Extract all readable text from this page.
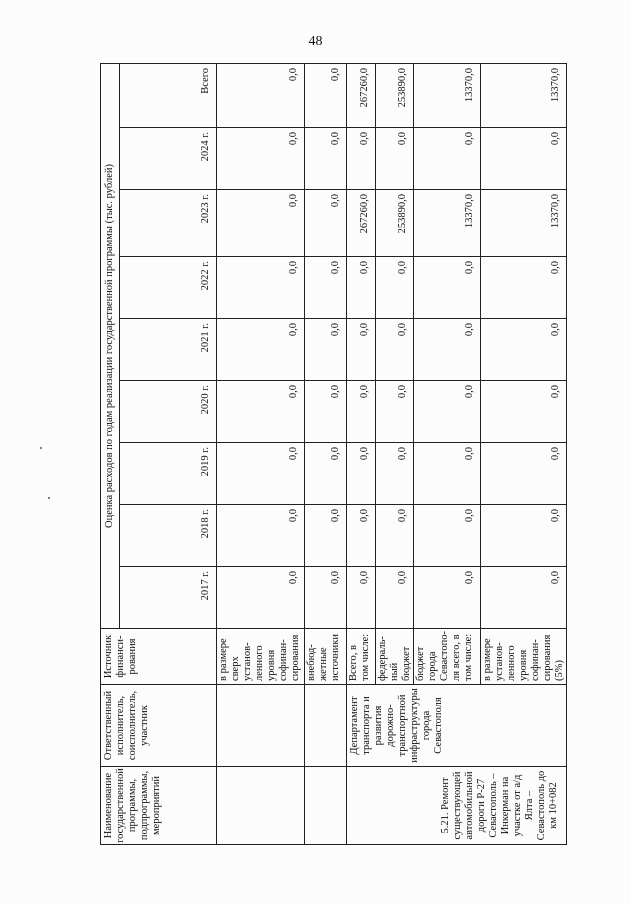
48
Наименование государственной программы, подпрограммы, мероприятий	Ответственный исполнитель, соисполнитель, участник	Источник финанси-рования	Оценка расходов по годам реализации государственной программы (тыс. рублей)								
			2017 г.	2018 г.	2019 г.	2020 г.	2021 г.	2022 г.	2023 г.	2024 г.	Всего
		в размере сверх установ-ленного уровня софинан-сирования	0,0	0,0	0,0	0,0	0,0	0,0	0,0	0,0	0,0
		внебюд-жетные источники	0,0	0,0	0,0	0,0	0,0	0,0	0,0	0,0	0,0
5.21. Ремонт существующей автомобильной дороги Р-27 Севастополь – Инкерман на участке от а/д Ялта – Севастополь до км 10+082	Департамент транспорта и развития дорожно-транспортной инфраструктуры города Севастополя	Всего, в том числе:	0,0	0,0	0,0	0,0	0,0	0,0	267260,0	0,0	267260,0
		федераль-ный бюджет	0,0	0,0	0,0	0,0	0,0	0,0	253890,0	0,0	253890,0
		бюджет города Севастопо-ля всего, в том числе:	0,0	0,0	0,0	0,0	0,0	0,0	13370,0	0,0	13370,0
		в размере установ-ленного уровня софинан-сирования (5%)	0,0	0,0	0,0	0,0	0,0	0,0	13370,0	0,0	13370,0
